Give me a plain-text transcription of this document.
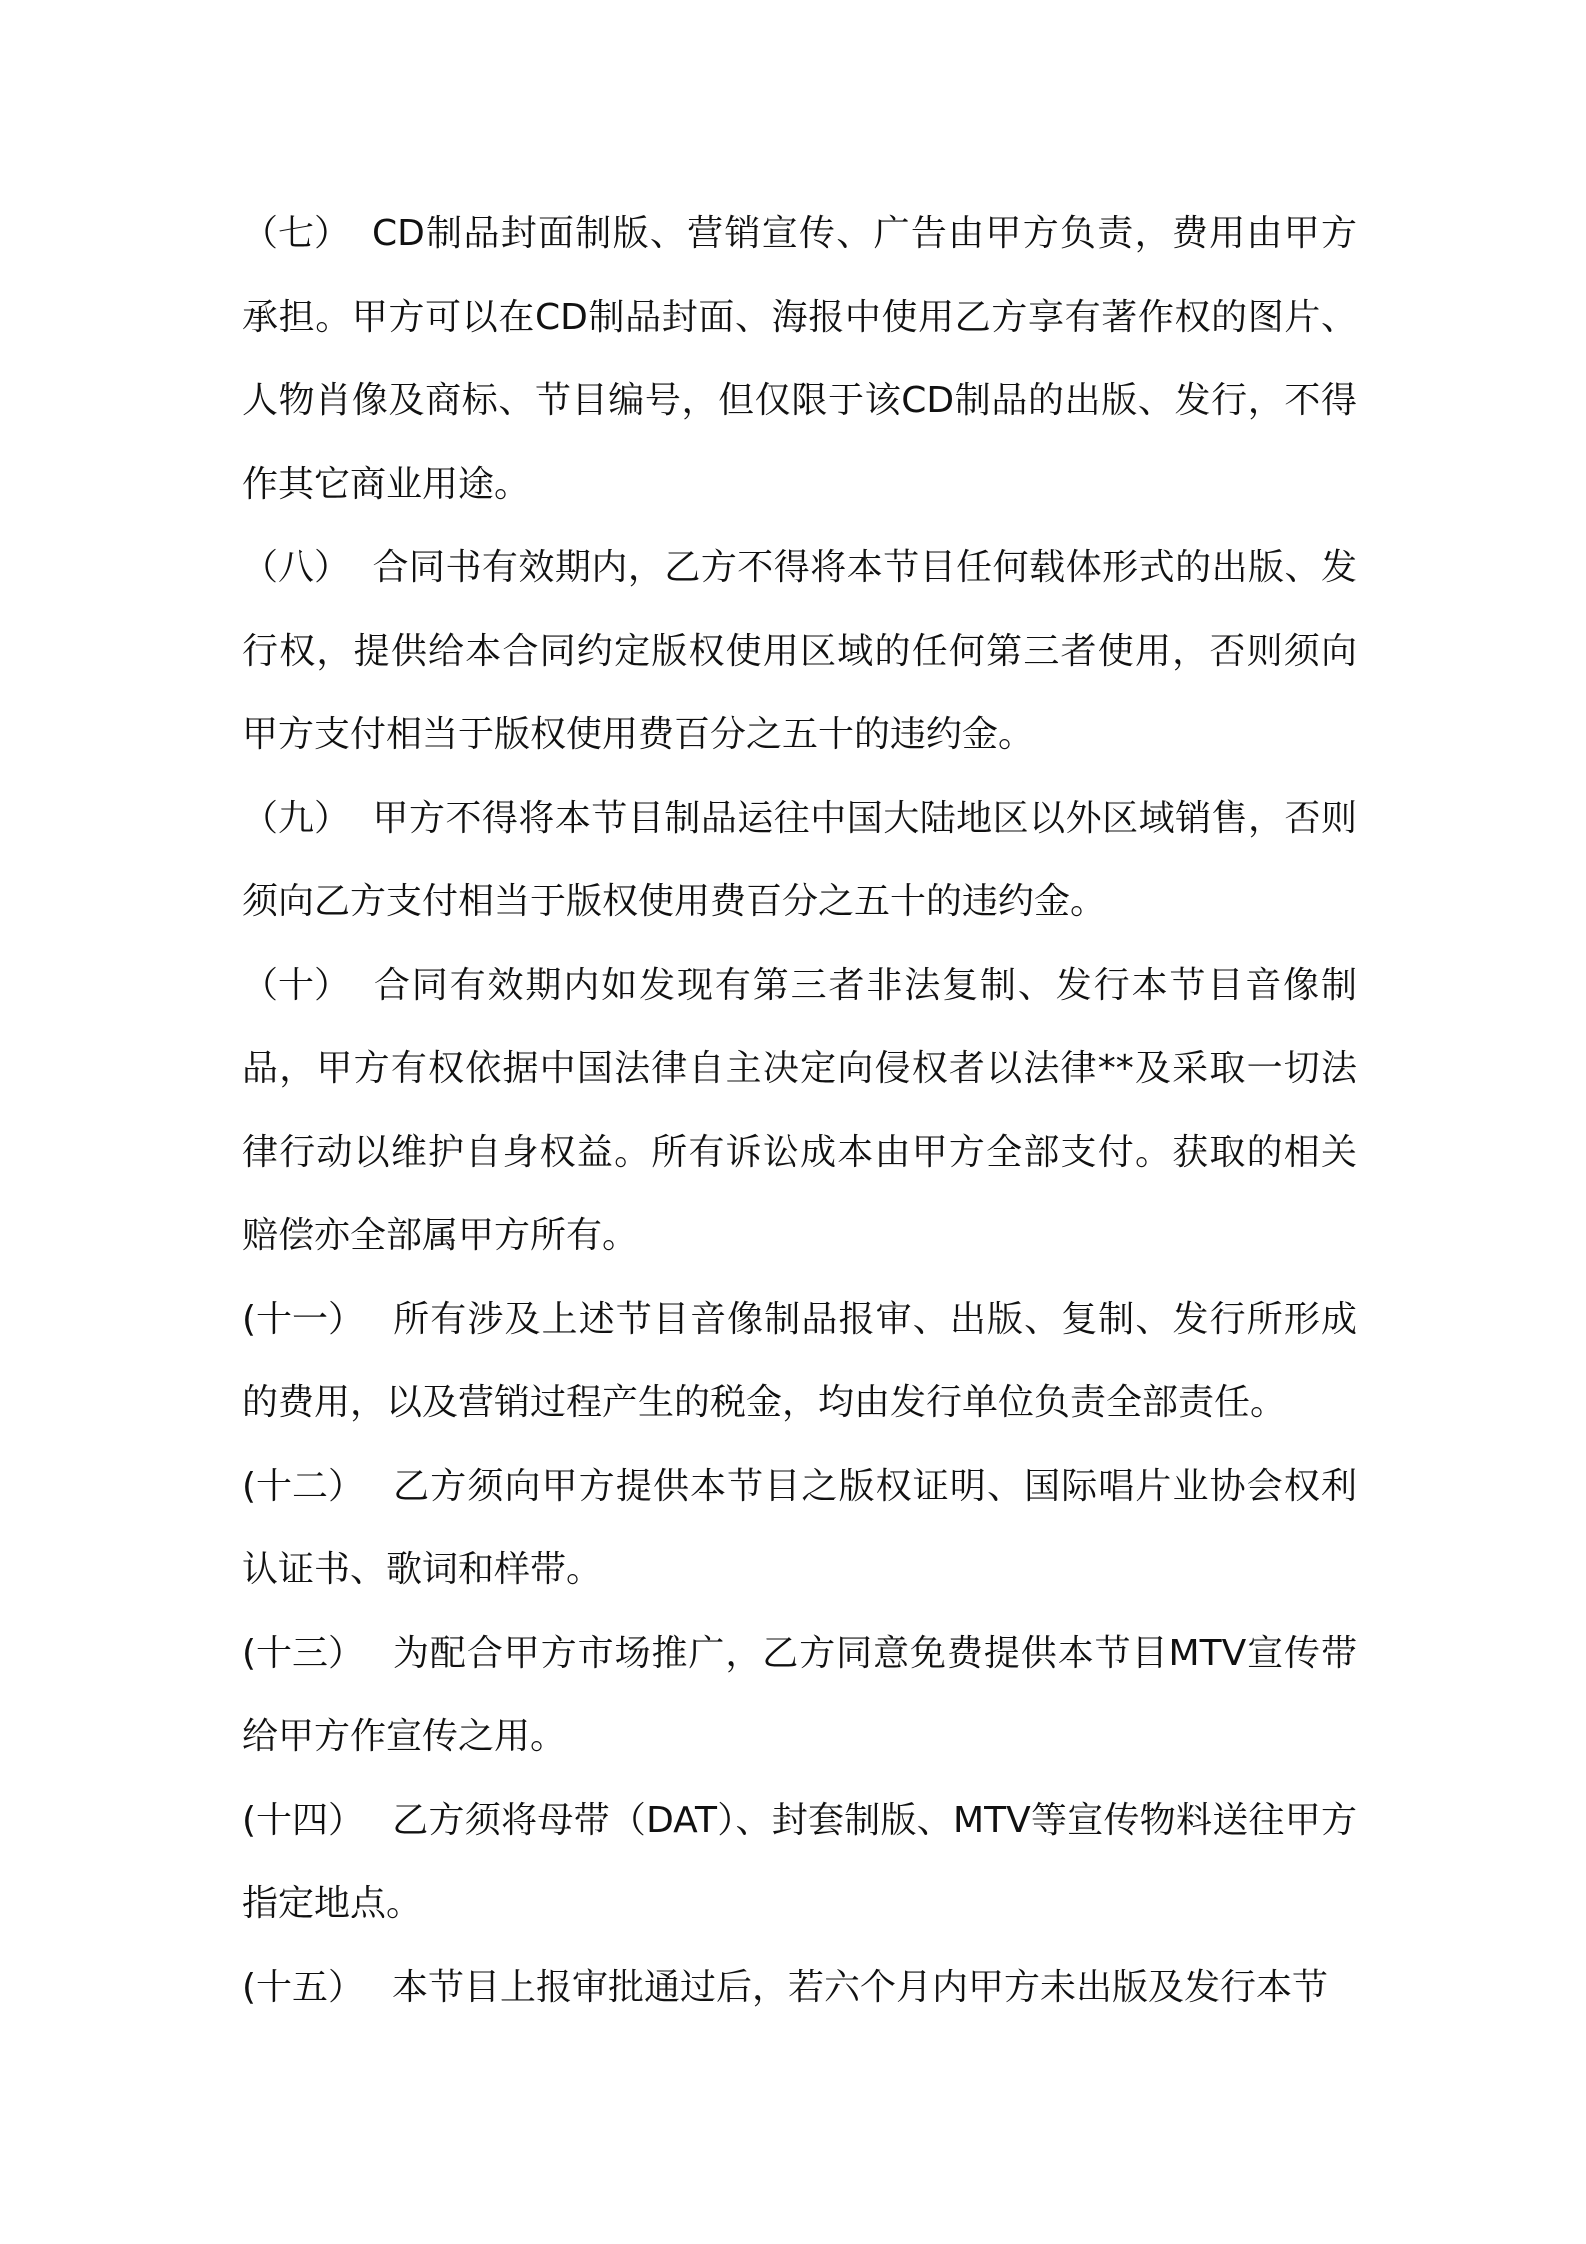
（七） CD制品封面制版、营销宣传、广告由甲方负责，费用由甲方承担。甲方可以在CD制品封面、海报中使用乙方享有著作权的图片、人物肖像及商标、节目编号，但仅限于该CD制品的出版、发行，不得作其它商业用途。

（八） 合同书有效期内，乙方不得将本节目任何载体形式的出版、发行权，提供给本合同约定版权使用区域的任何第三者使用，否则须向甲方支付相当于版权使用费百分之五十的违约金。

（九） 甲方不得将本节目制品运往中国大陆地区以外区域销售，否则须向乙方支付相当于版权使用费百分之五十的违约金。

（十） 合同有效期内如发现有第三者非法复制、发行本节目音像制品，甲方有权依据中国法律自主决定向侵权者以法律**及采取一切法律行动以维护自身权益。所有诉讼成本由甲方全部支付。获取的相关赔偿亦全部属甲方所有。

(十一） 所有涉及上述节目音像制品报审、出版、复制、发行所形成的费用，以及营销过程产生的税金，均由发行单位负责全部责任。

(十二） 乙方须向甲方提供本节目之版权证明、国际唱片业协会权利认证书、歌词和样带。

(十三） 为配合甲方市场推广，乙方同意免费提供本节目MTV宣传带给甲方作宣传之用。

(十四） 乙方须将母带（DAT）、封套制版、MTV等宣传物料送往甲方指定地点。

(十五） 本节目上报审批通过后，若六个月内甲方未出版及发行本节
